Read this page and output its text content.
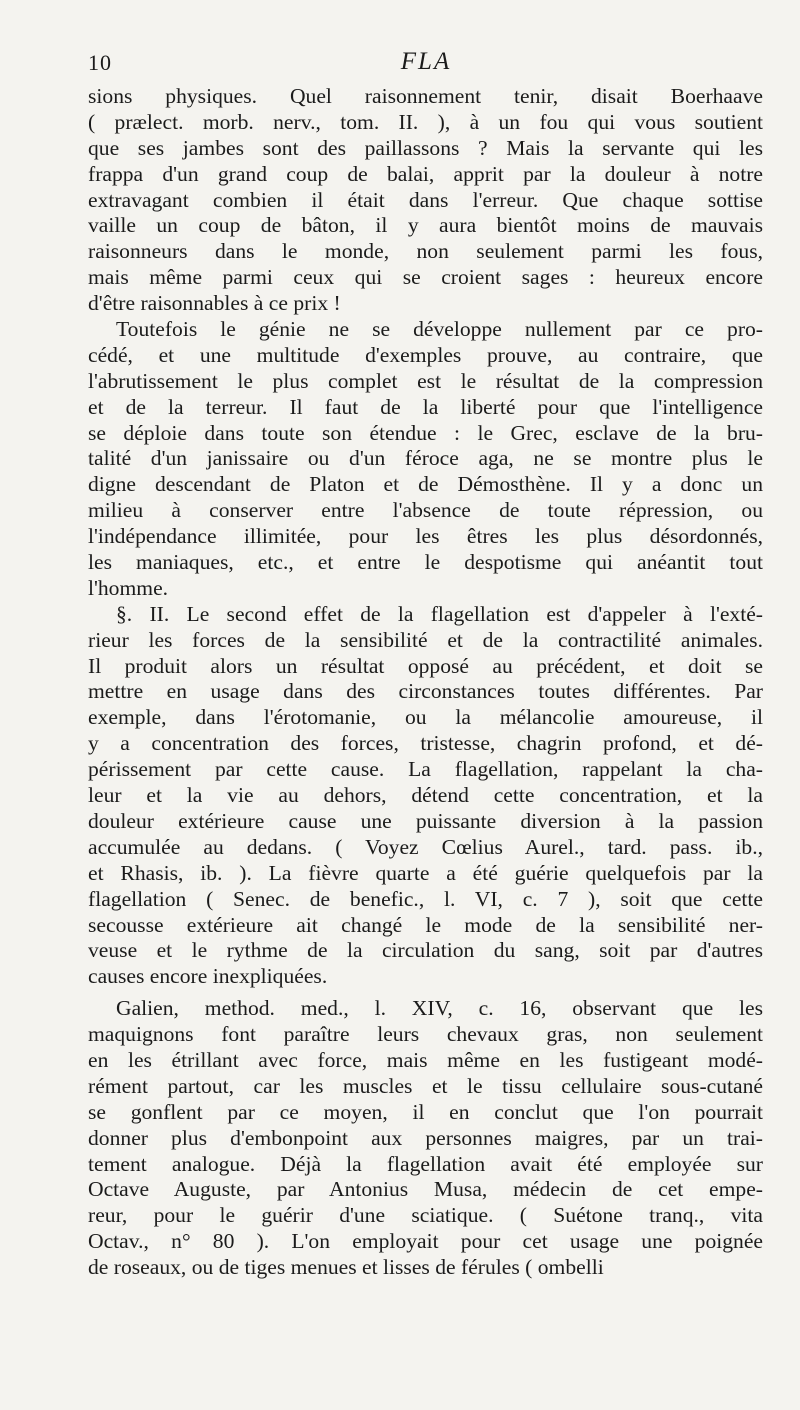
10	FLA
sions physiques. Quel raisonnement tenir, disait Boerhaave
( prælect. morb. nerv., tom. II. ), à un fou qui vous soutient
que ses jambes sont des paillassons ? Mais la servante qui les
frappa d'un grand coup de balai, apprit par la douleur à notre
extravagant combien il était dans l'erreur. Que chaque sottise
vaille un coup de bâton, il y aura bientôt moins de mauvais
raisonneurs dans le monde, non seulement parmi les fous,
mais même parmi ceux qui se croient sages : heureux encore
d'être raisonnables à ce prix !
Toutefois le génie ne se développe nullement par ce pro-
cédé, et une multitude d'exemples prouve, au contraire, que
l'abrutissement le plus complet est le résultat de la compression
et de la terreur. Il faut de la liberté pour que l'intelligence
se déploie dans toute son étendue : le Grec, esclave de la bru-
talité d'un janissaire ou d'un féroce aga, ne se montre plus le
digne descendant de Platon et de Démosthène. Il y a donc un
milieu à conserver entre l'absence de toute répression, ou
l'indépendance illimitée, pour les êtres les plus désordonnés,
les maniaques, etc., et entre le despotisme qui anéantit tout
l'homme.
§. II. Le second effet de la flagellation est d'appeler à l'exté-
rieur les forces de la sensibilité et de la contractilité animales.
Il produit alors un résultat opposé au précédent, et doit se
mettre en usage dans des circonstances toutes différentes. Par
exemple, dans l'érotomanie, ou la mélancolie amoureuse, il
y a concentration des forces, tristesse, chagrin profond, et dé-
périssement par cette cause. La flagellation, rappelant la cha-
leur et la vie au dehors, détend cette concentration, et la
douleur extérieure cause une puissante diversion à la passion
accumulée au dedans. ( Voyez Cœlius Aurel., tard. pass. ib.,
et Rhasis, ib. ). La fièvre quarte a été guérie quelquefois par la
flagellation ( Senec. de benefic., l. VI, c. 7 ), soit que cette
secousse extérieure ait changé le mode de la sensibilité ner-
veuse et le rythme de la circulation du sang, soit par d'autres
causes encore inexpliquées.
Galien, method. med., l. XIV, c. 16, observant que les
maquignons font paraître leurs chevaux gras, non seulement
en les étrillant avec force, mais même en les fustigeant modé-
rément partout, car les muscles et le tissu cellulaire sous-cutané
se gonflent par ce moyen, il en conclut que l'on pourrait
donner plus d'embonpoint aux personnes maigres, par un trai-
tement analogue. Déjà la flagellation avait été employée sur
Octave Auguste, par Antonius Musa, médecin de cet empe-
reur, pour le guérir d'une sciatique. ( Suétone tranq., vita
Octav., n° 80 ). L'on employait pour cet usage une poignée
de roseaux, ou de tiges menues et lisses de férules ( ombelli
